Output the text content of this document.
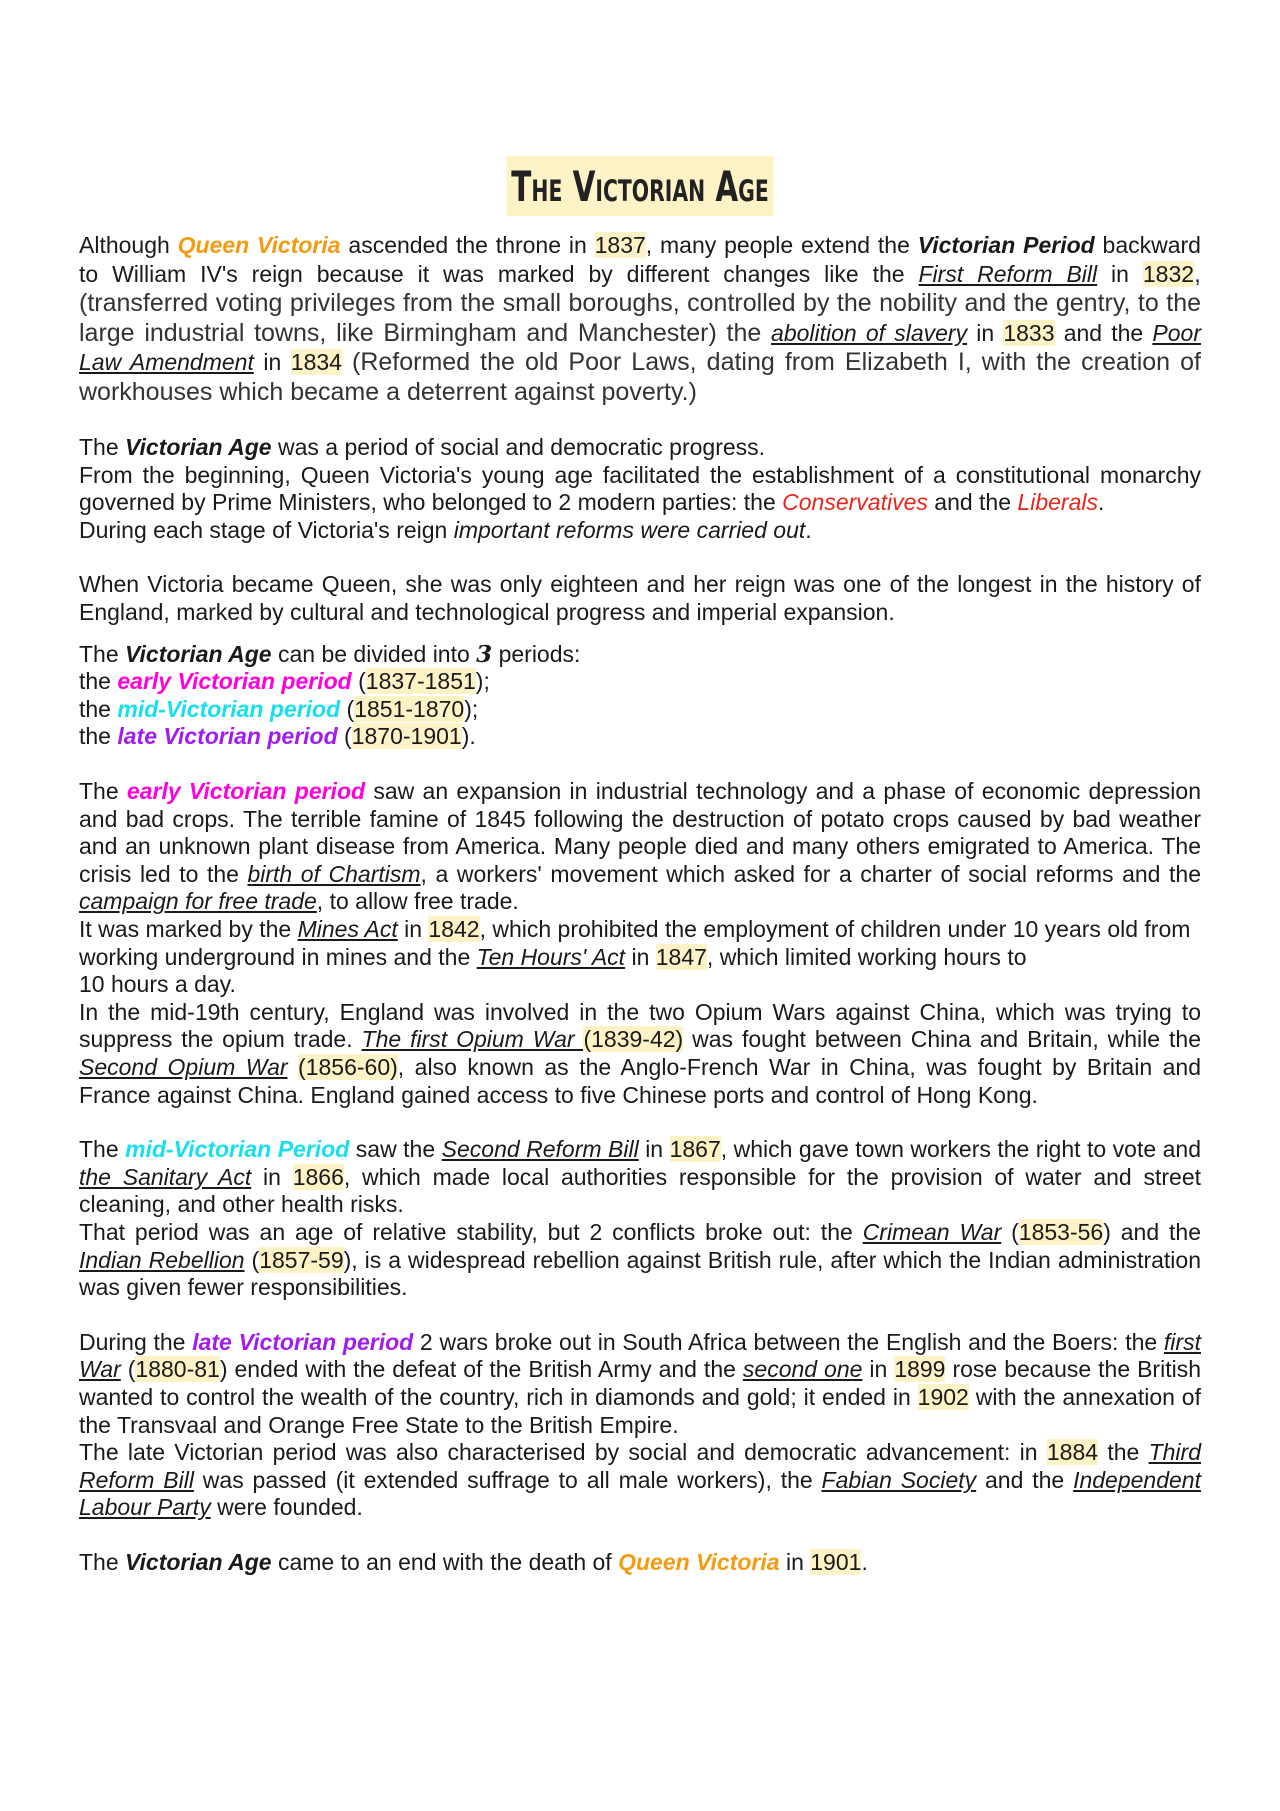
The Victorian Age

Although Queen Victoria ascended the throne in 1837, many people extend the Victorian Period backward to William IV's reign because it was marked by different changes like the First Reform Bill in 1832, (transferred voting privileges from the small boroughs, controlled by the nobility and the gentry, to the large industrial towns, like Birmingham and Manchester) the abolition of slavery in 1833 and the Poor Law Amendment in 1834 (Reformed the old Poor Laws, dating from Elizabeth I, with the creation of workhouses which became a deterrent against poverty.)

The Victorian Age was a period of social and democratic progress.

From the beginning, Queen Victoria's young age facilitated the establishment of a constitutional monarchy governed by Prime Ministers, who belonged to 2 modern parties: the Conservatives and the Liberals.

During each stage of Victoria's reign important reforms were carried out.

When Victoria became Queen, she was only eighteen and her reign was one of the longest in the history of England, marked by cultural and technological progress and imperial expansion.

The Victorian Age can be divided into 3 periods:

the early Victorian period (1837-1851);

the mid-Victorian period (1851-1870);

the late Victorian period (1870-1901).

The early Victorian period saw an expansion in industrial technology and a phase of economic depression and bad crops. The terrible famine of 1845 following the destruction of potato crops caused by bad weather and an unknown plant disease from America. Many people died and many others emigrated to America. The crisis led to the birth of Chartism, a workers' movement which asked for a charter of social reforms and the campaign for free trade, to allow free trade.

It was marked by the Mines Act in 1842, which prohibited the employment of children under 10 years old from working underground in mines and the Ten Hours' Act in 1847, which limited working hours to

10 hours a day.

In the mid-19th century, England was involved in the two Opium Wars against China, which was trying to suppress the opium trade. The first Opium War (1839-42) was fought between China and Britain, while the Second Opium War (1856-60), also known as the Anglo-French War in China, was fought by Britain and France against China. England gained access to five Chinese ports and control of Hong Kong.

The mid-Victorian Period saw the Second Reform Bill in 1867, which gave town workers the right to vote and the Sanitary Act in 1866, which made local authorities responsible for the provision of water and street cleaning, and other health risks.

That period was an age of relative stability, but 2 conflicts broke out: the Crimean War (1853-56) and the Indian Rebellion (1857-59), is a widespread rebellion against British rule, after which the Indian administration was given fewer responsibilities.

During the late Victorian period 2 wars broke out in South Africa between the English and the Boers: the first War (1880-81) ended with the defeat of the British Army and the second one in 1899 rose because the British wanted to control the wealth of the country, rich in diamonds and gold; it ended in 1902 with the annexation of the Transvaal and Orange Free State to the British Empire.

The late Victorian period was also characterised by social and democratic advancement: in 1884 the Third Reform Bill was passed (it extended suffrage to all male workers), the Fabian Society and the Independent Labour Party were founded.

The Victorian Age came to an end with the death of Queen Victoria in 1901.
